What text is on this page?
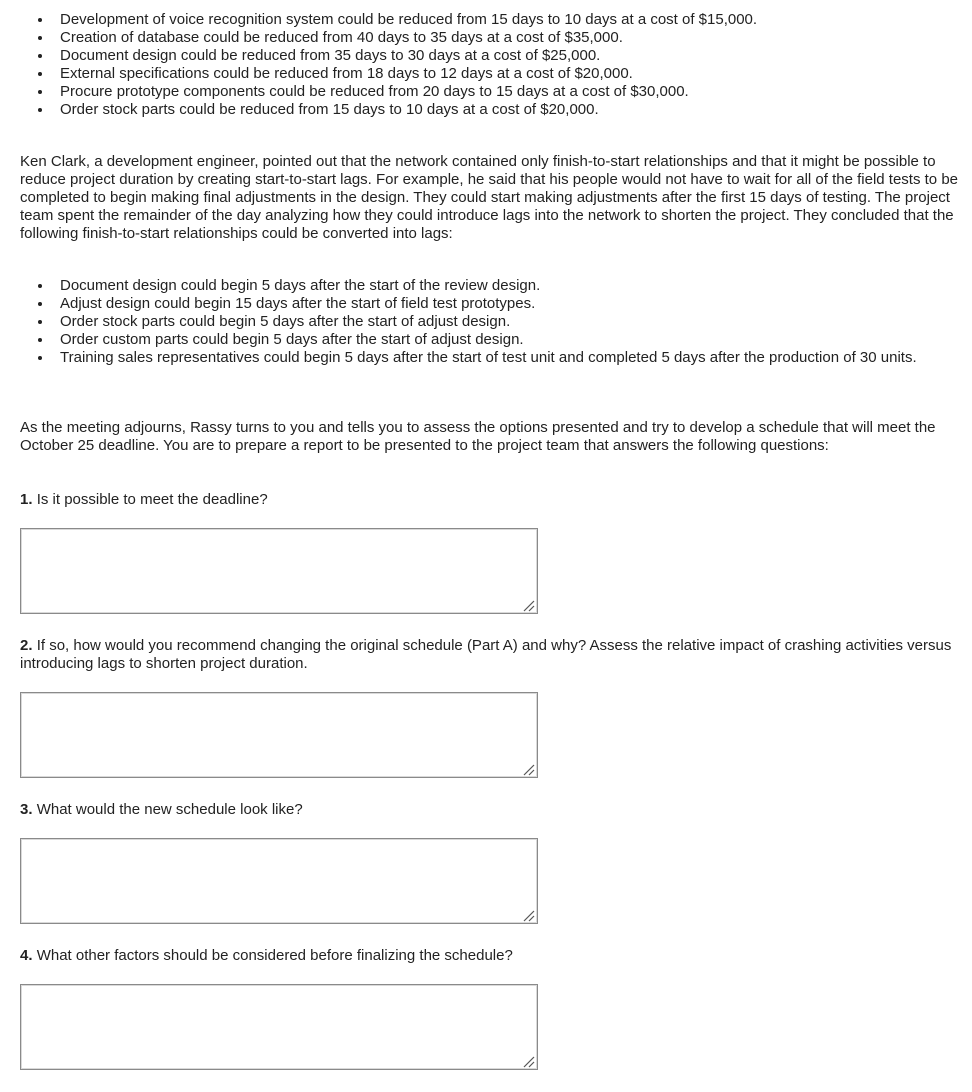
Development of voice recognition system could be reduced from 15 days to 10 days at a cost of $15,000.
Creation of database could be reduced from 40 days to 35 days at a cost of $35,000.
Document design could be reduced from 35 days to 30 days at a cost of $25,000.
External specifications could be reduced from 18 days to 12 days at a cost of $20,000.
Procure prototype components could be reduced from 20 days to 15 days at a cost of $30,000.
Order stock parts could be reduced from 15 days to 10 days at a cost of $20,000.

Ken Clark, a development engineer, pointed out that the network contained only finish-to-start relationships and that it might be possible to reduce project duration by creating start-to-start lags. For example, he said that his people would not have to wait for all of the field tests to be completed to begin making final adjustments in the design. They could start making adjustments after the first 15 days of testing. The project team spent the remainder of the day analyzing how they could introduce lags into the network to shorten the project. They concluded that the following finish-to-start relationships could be converted into lags:

Document design could begin 5 days after the start of the review design.
Adjust design could begin 15 days after the start of field test prototypes.
Order stock parts could begin 5 days after the start of adjust design.
Order custom parts could begin 5 days after the start of adjust design.
Training sales representatives could begin 5 days after the start of test unit and completed 5 days after the production of 30 units.

As the meeting adjourns, Rassy turns to you and tells you to assess the options presented and try to develop a schedule that will meet the October 25 deadline. You are to prepare a report to be presented to the project team that answers the following questions:

1. Is it possible to meet the deadline?

2. If so, how would you recommend changing the original schedule (Part A) and why? Assess the relative impact of crashing activities versus introducing lags to shorten project duration.

3. What would the new schedule look like?

4. What other factors should be considered before finalizing the schedule?
